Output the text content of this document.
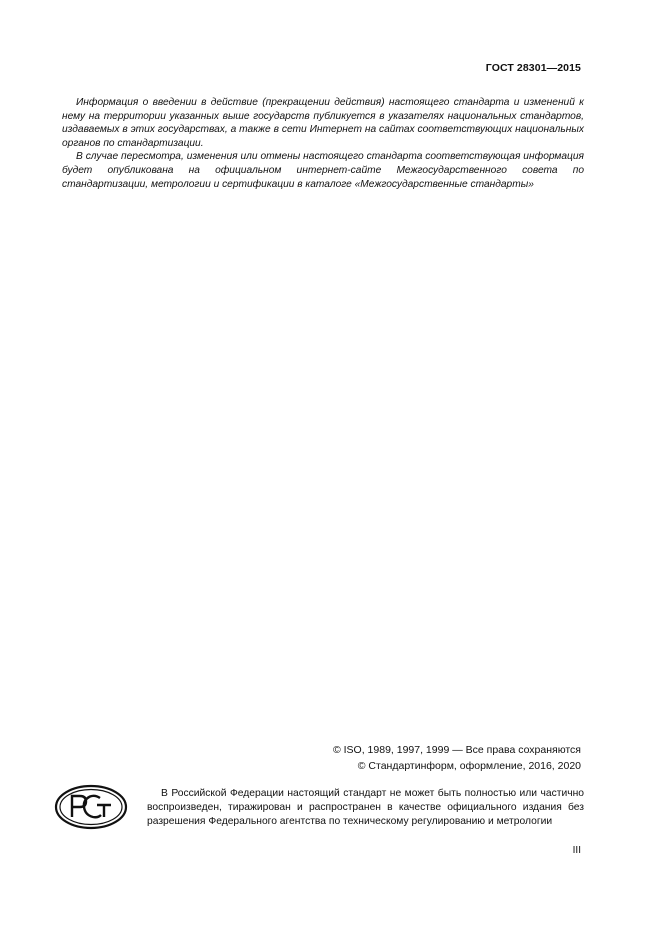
ГОСТ 28301—2015

Информация о введении в действие (прекращении действия) настоящего стандарта и изменений к нему на территории указанных выше государств публикуется в указателях национальных стандартов, издаваемых в этих государствах, а также в сети Интернет на сайтах соответствующих национальных органов по стандартизации.

В случае пересмотра, изменения или отмены настоящего стандарта соответствующая информация будет опубликована на официальном интернет-сайте Межгосударственного совета по стандартизации, метрологии и сертификации в каталоге «Межгосударственные стандарты»

© ISO, 1989, 1997, 1999 — Все права сохраняются
© Стандартинформ, оформление, 2016, 2020

В Российской Федерации настоящий стандарт не может быть полностью или частично воспроизведен, тиражирован и распространен в качестве официального издания без разрешения Федерального агентства по техническому регулированию и метрологии

III
